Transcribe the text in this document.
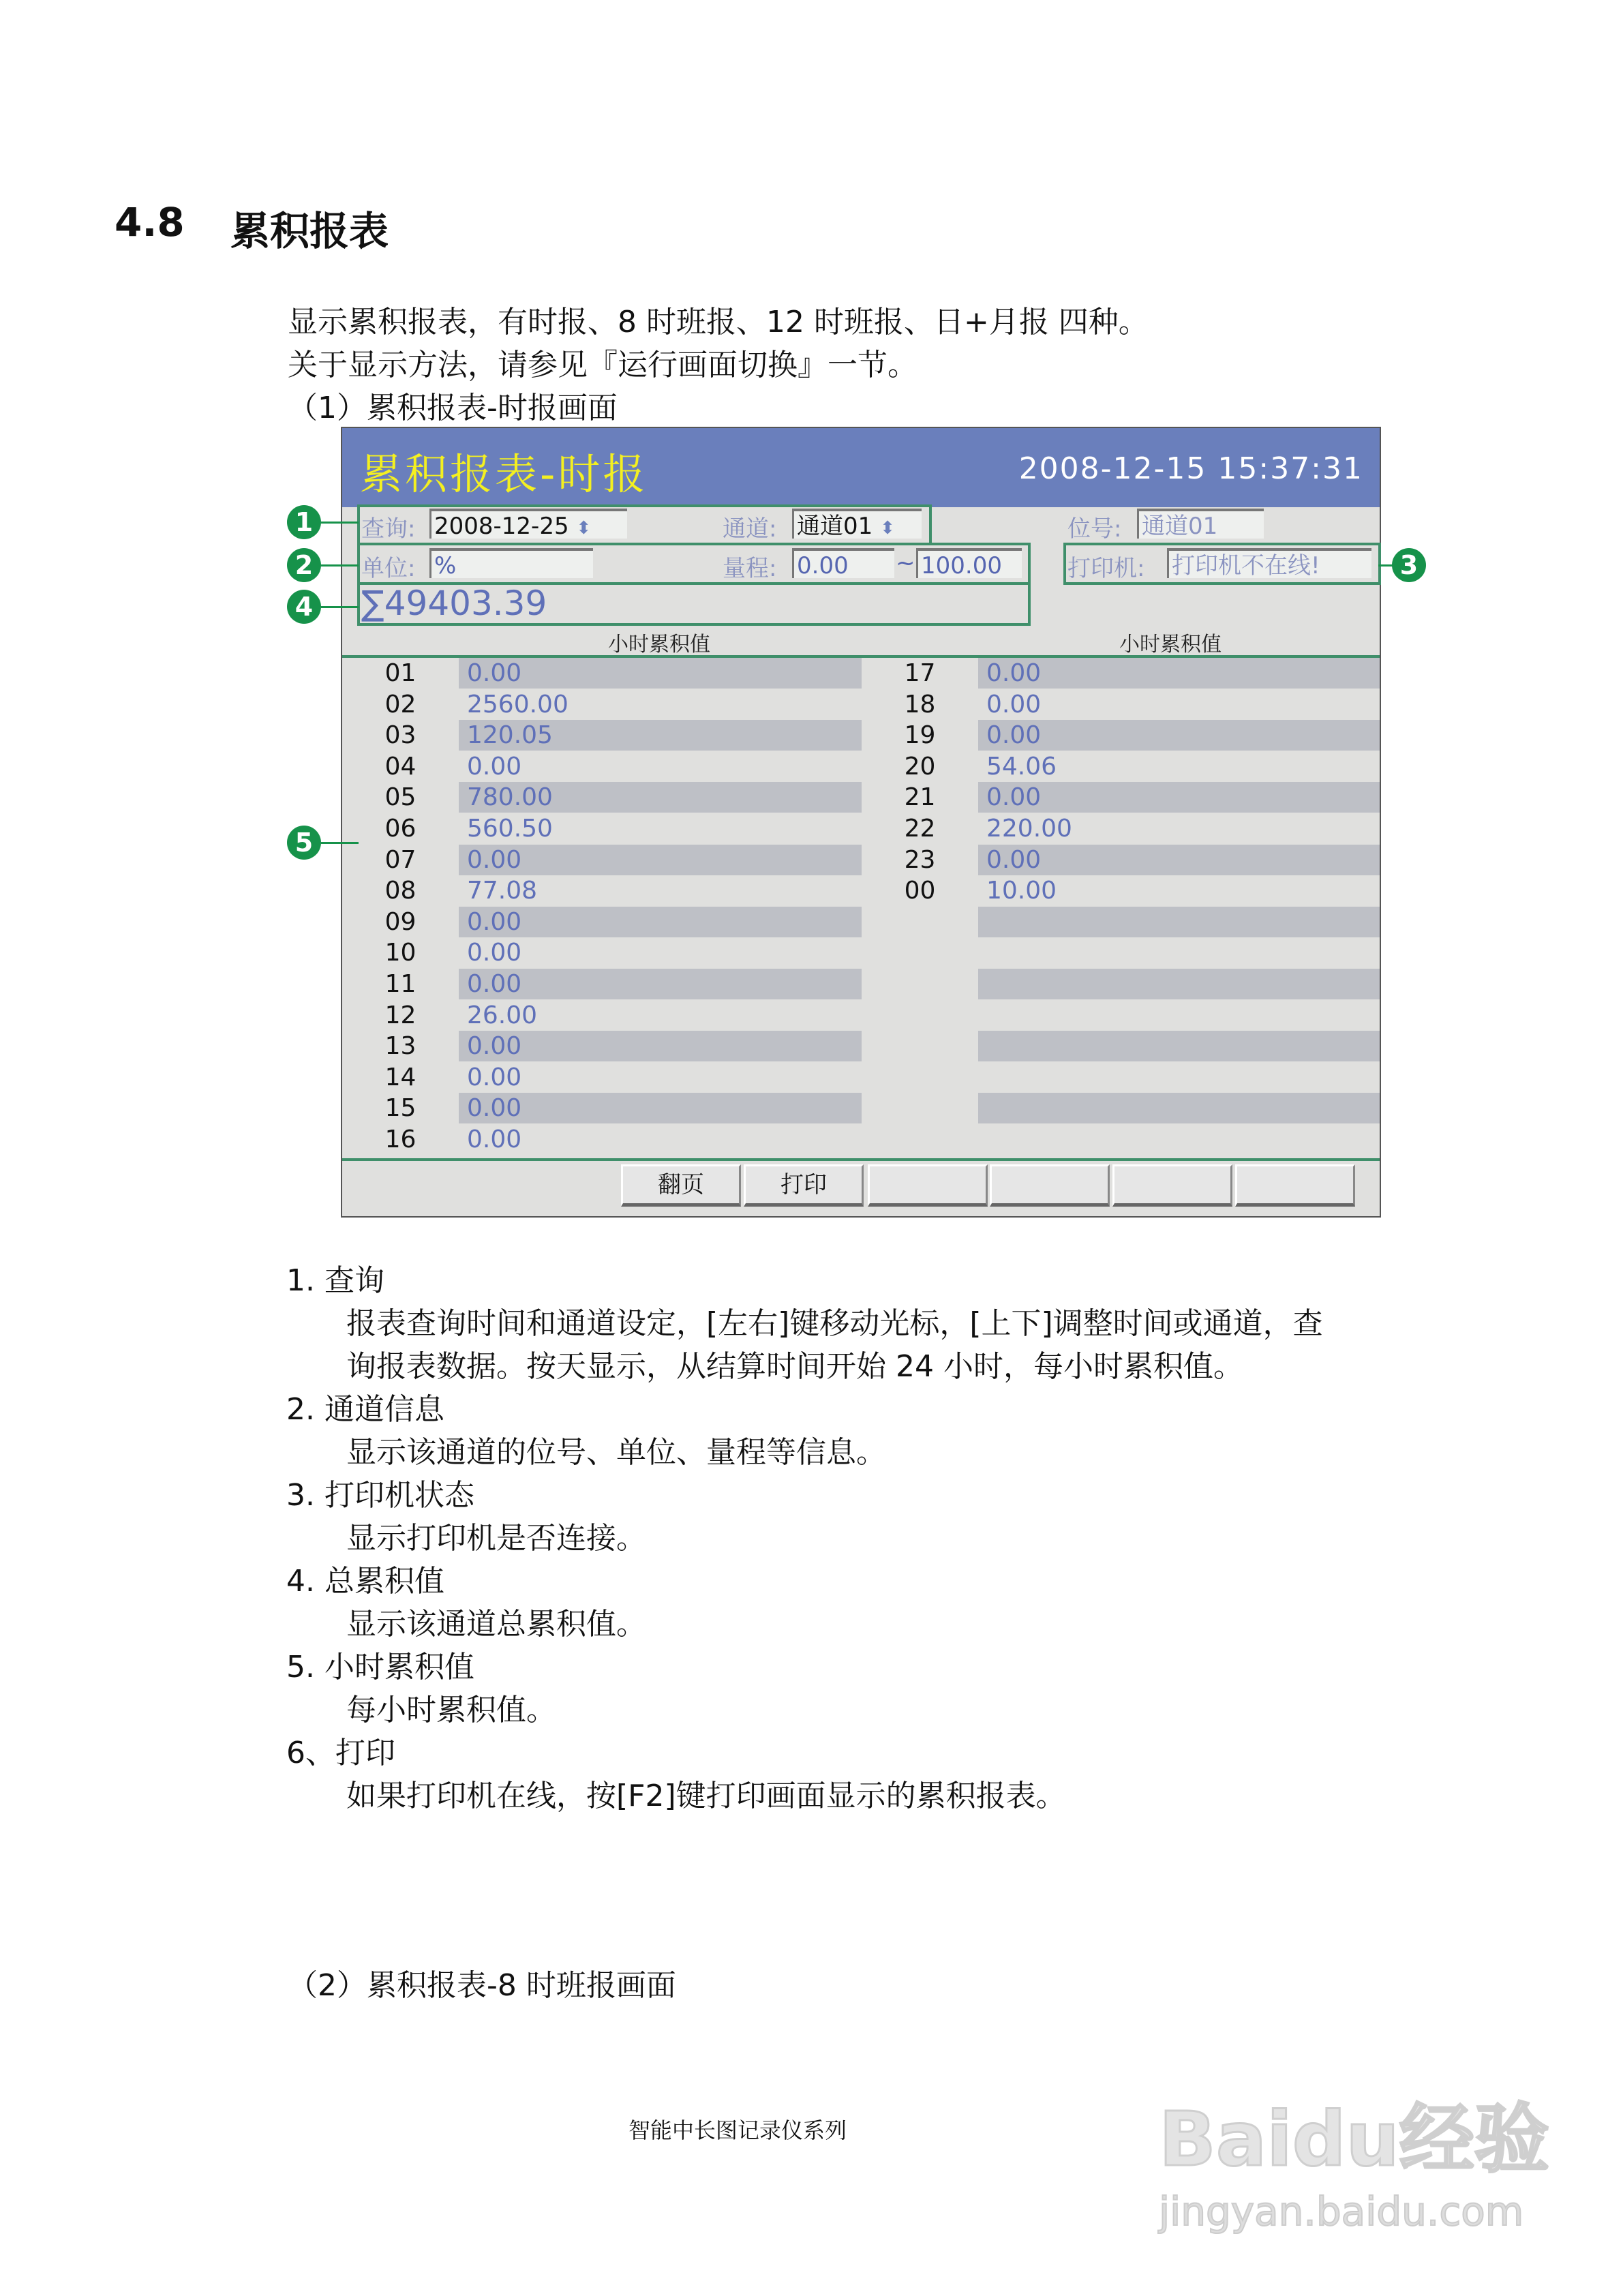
4.8 累积报表
显示累积报表，有时报、8 时班报、12 时班报、日+月报 四种。
关于显示方法，请参见『运行画面切换』一节。
（1）累积报表-时报画面
累积报表-时报	2008-12-15 15:37:31
查询: 2008-12-25 ⬍	通道: 通道01 ⬍	位号: 通道01
单位: %	量程: 0.00	~ 100.00	打印机: 打印机不在线!
∑49403.39
小时累积值	小时累积值
01	0.00	17	0.00
02	2560.00	18	0.00
03	120.05	19	0.00
04	0.00	20	54.06
05	780.00	21	0.00
06	560.50	22	220.00
07	0.00	23	0.00
08	77.08	00	10.00
09	0.00
10	0.00
11	0.00
12	26.00
13	0.00
14	0.00
15	0.00
16	0.00
翻页	打印
1
2	3
4
5
1. 查询
报表查询时间和通道设定，[左右]键移动光标，[上下]调整时间或通道，查
询报表数据。按天显示，从结算时间开始 24 小时，每小时累积值。
2. 通道信息
显示该通道的位号、单位、量程等信息。
3. 打印机状态
显示打印机是否连接。
4. 总累积值
显示该通道总累积值。
5. 小时累积值
每小时累积值。
6、打印
如果打印机在线，按[F2]键打印画面显示的累积报表。
（2）累积报表-8 时班报画面
智能中长图记录仪系列	Baidu经验
jingyan.baidu.com
